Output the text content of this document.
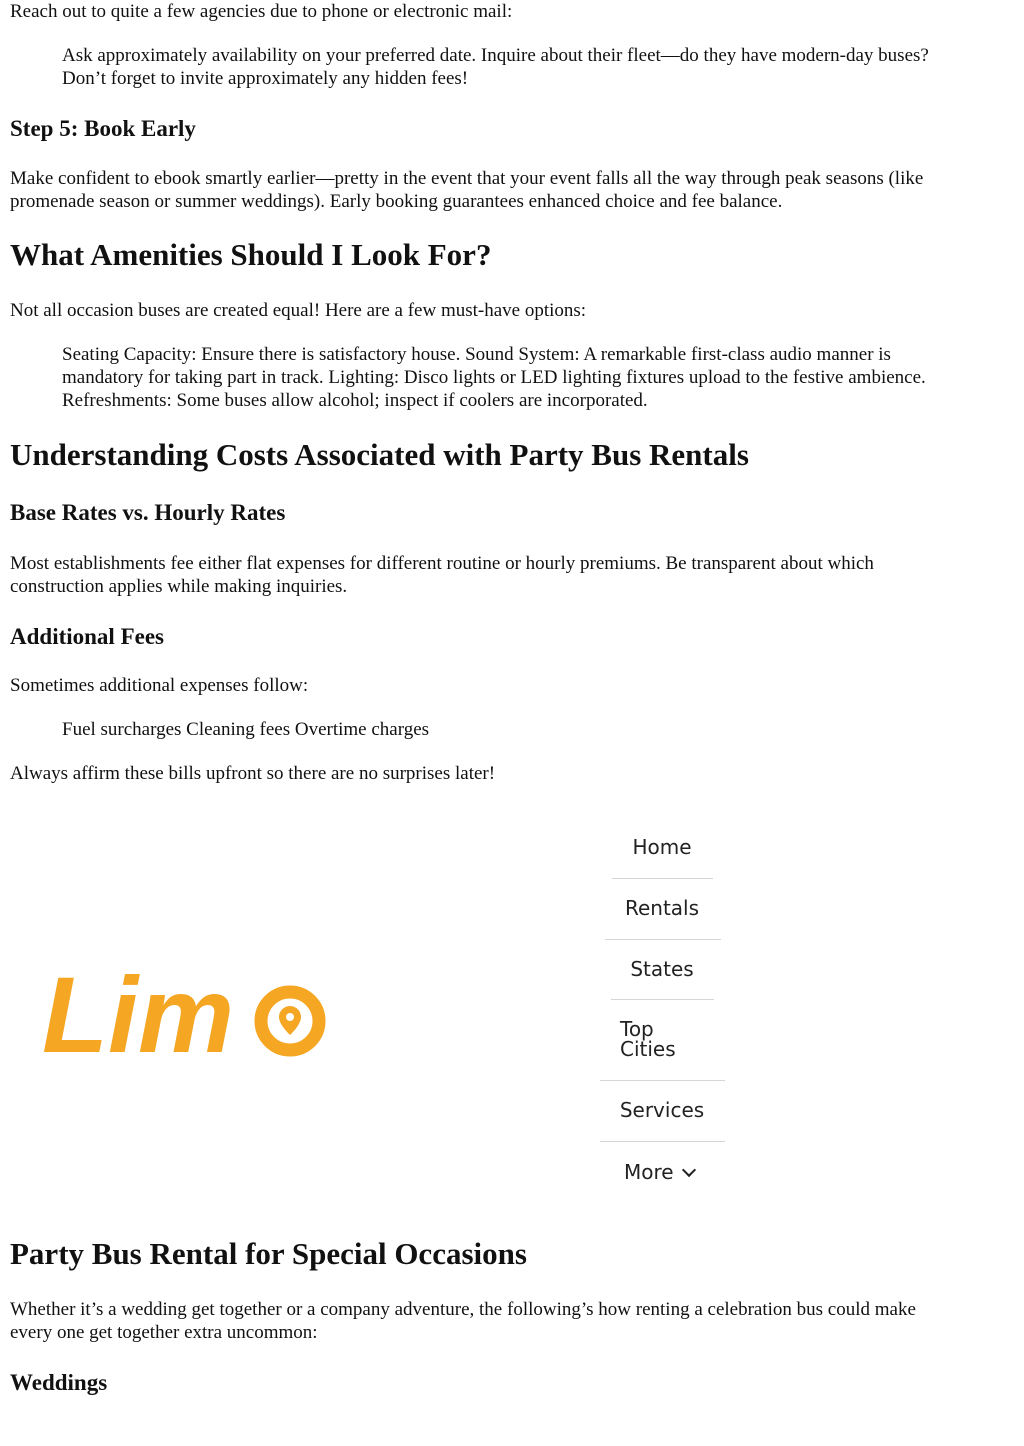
Reach out to quite a few agencies due to phone or electronic mail:

Ask approximately availability on your preferred date. Inquire about their fleet—do they have modern-day buses?

Don’t forget to invite approximately any hidden fees!

Step 5: Book Early

Make confident to ebook smartly earlier—pretty in the event that your event falls all the way through peak seasons (like

promenade season or summer weddings). Early booking guarantees enhanced choice and fee balance.

What Amenities Should I Look For?

Not all occasion buses are created equal! Here are a few must-have options:

Seating Capacity: Ensure there is satisfactory house. Sound System: A remarkable first-class audio manner is

mandatory for taking part in track. Lighting: Disco lights or LED lighting fixtures upload to the festive ambience.

Refreshments: Some buses allow alcohol; inspect if coolers are incorporated.

Understanding Costs Associated with Party Bus Rentals
Base Rates vs. Hourly Rates

Most establishments fee either flat expenses for different routine or hourly premiums. Be transparent about which

construction applies while making inquiries.

Additional Fees

Sometimes additional expenses follow:

Fuel surcharges Cleaning fees Overtime charges

Always affirm these bills upfront so there are no surprises later!

Lim
Home
Rentals
States
Top
Cities
Services
More
Party Bus Rental for Special Occasions

Whether it’s a wedding get together or a company adventure, the following’s how renting a celebration bus could make

every one get together extra uncommon:

Weddings
